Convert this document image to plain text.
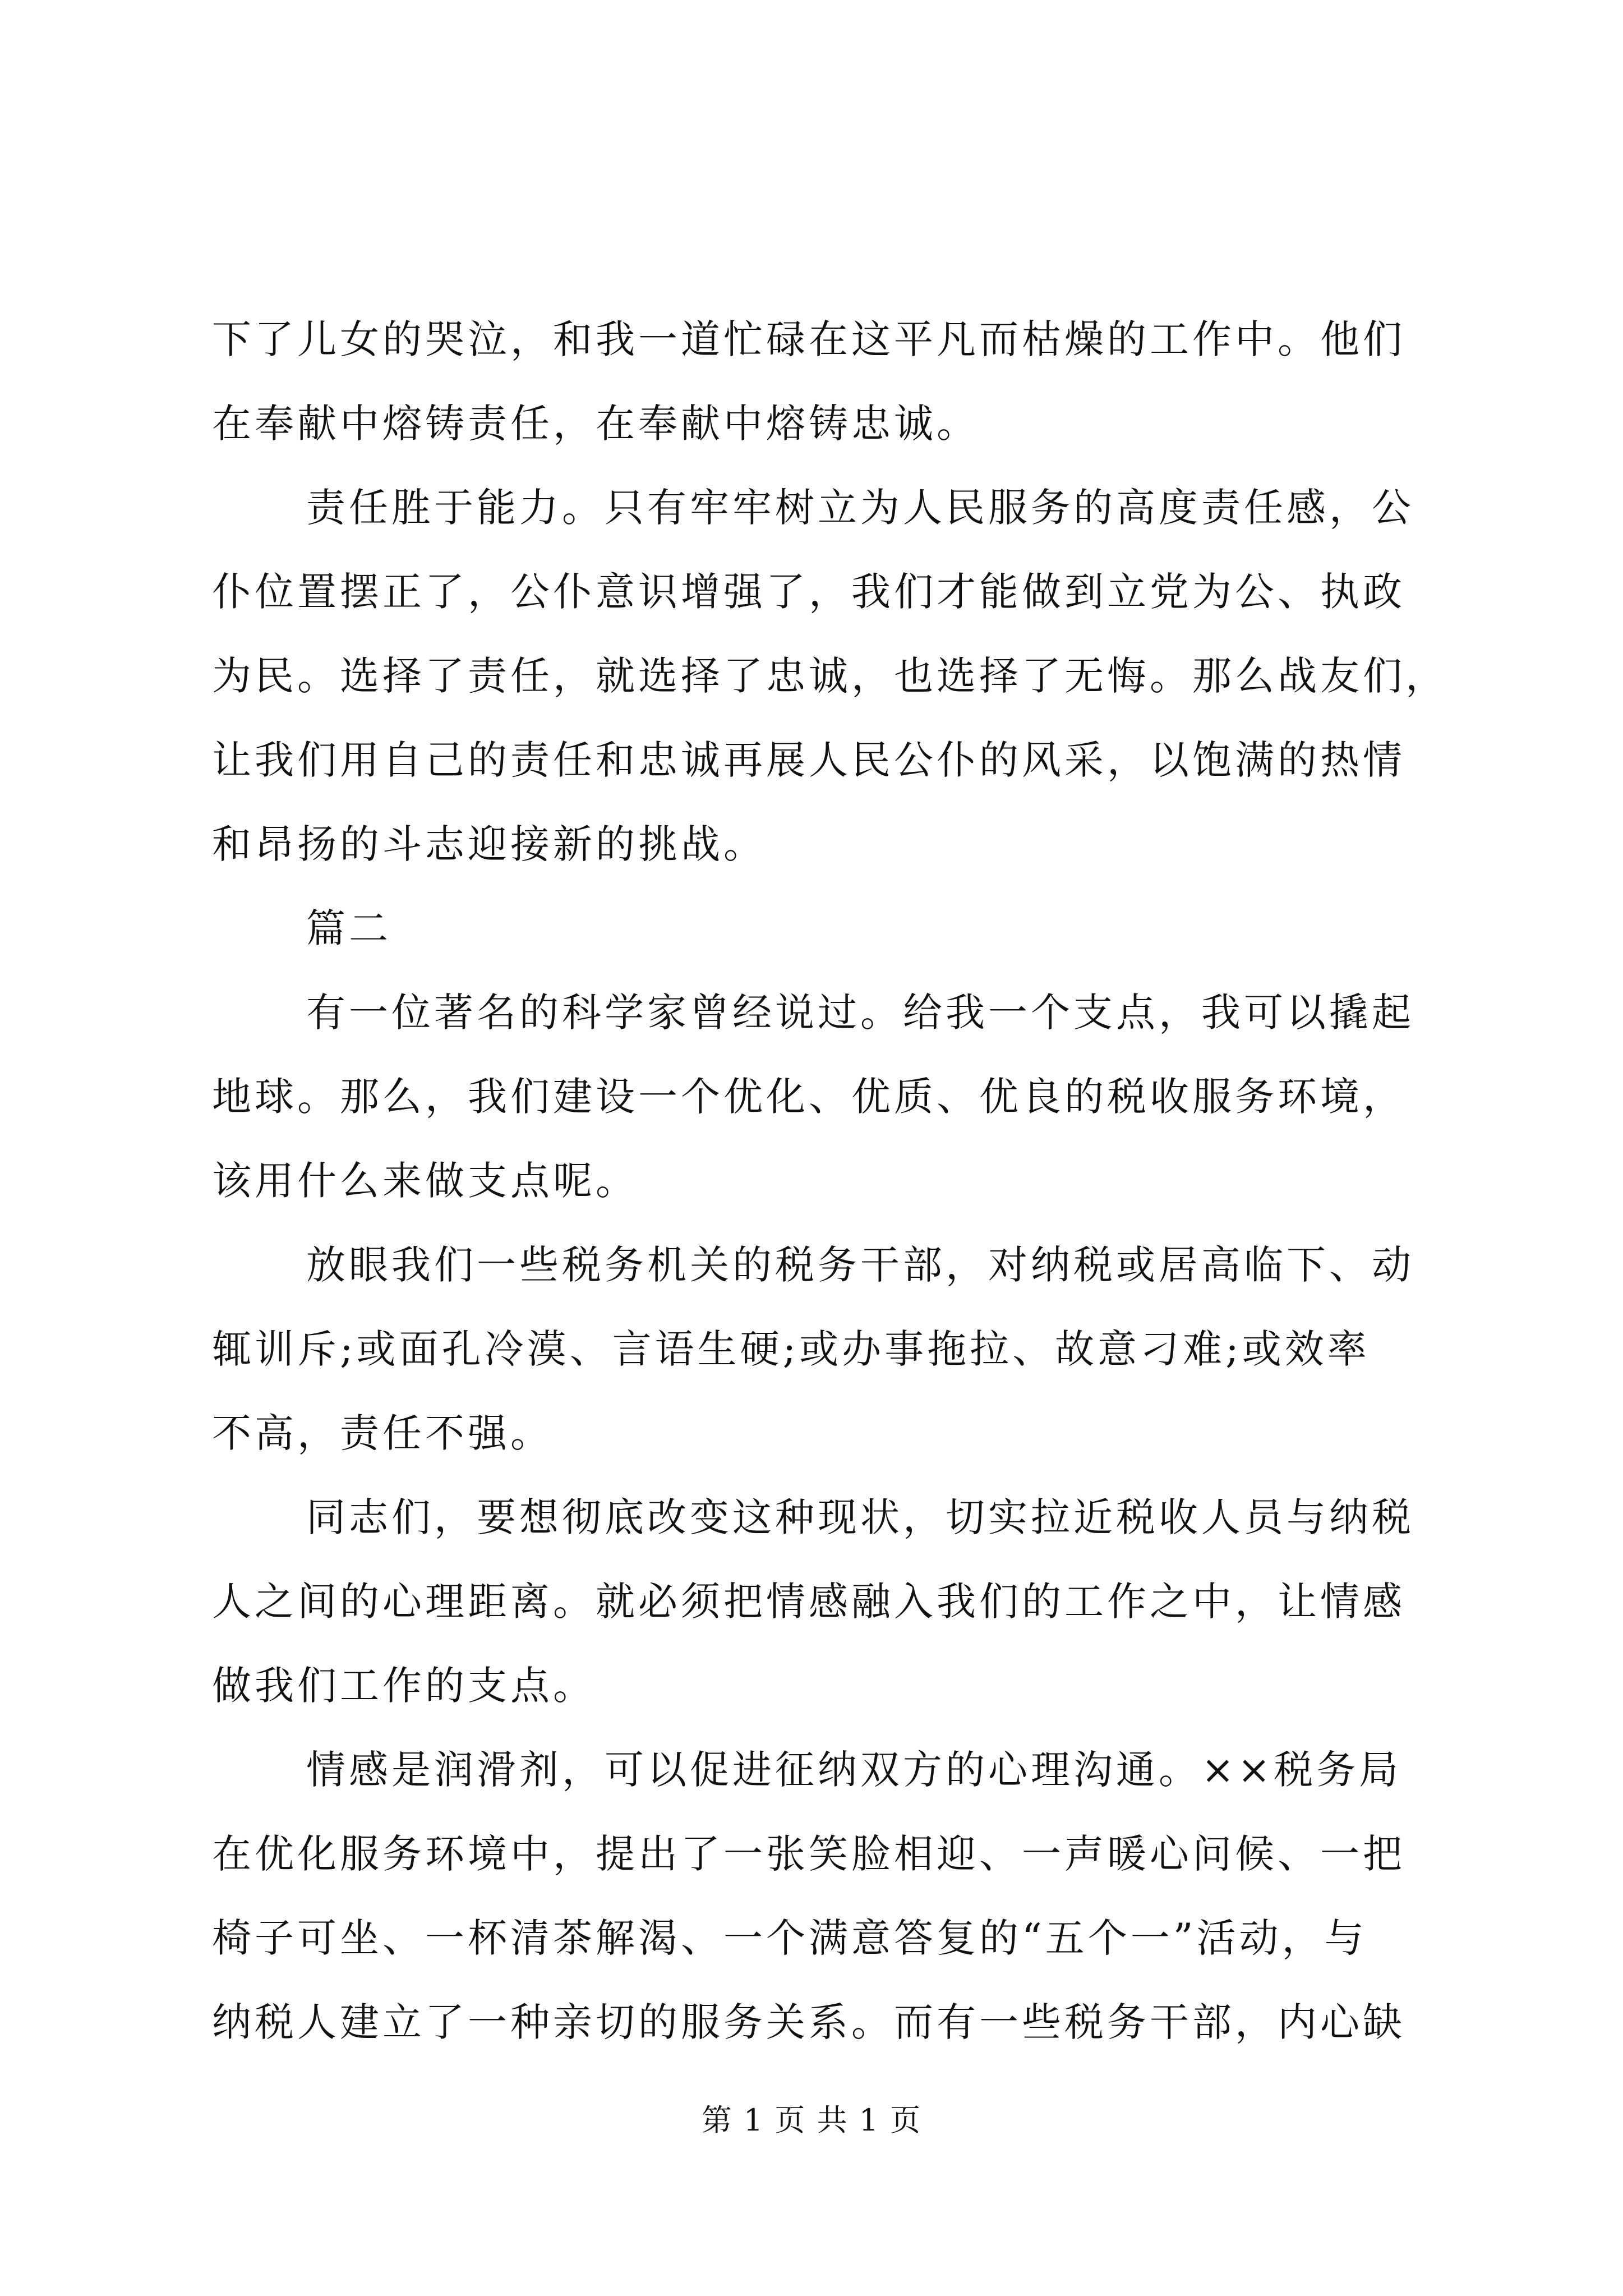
下了儿女的哭泣，和我一道忙碌在这平凡而枯燥的工作中。他们
在奉献中熔铸责任，在奉献中熔铸忠诚。
责任胜于能力。只有牢牢树立为人民服务的高度责任感，公
仆位置摆正了，公仆意识增强了，我们才能做到立党为公、执政
为民。选择了责任，就选择了忠诚，也选择了无悔。那么战友们，
让我们用自己的责任和忠诚再展人民公仆的风采，以饱满的热情
和昂扬的斗志迎接新的挑战。
篇二
有一位著名的科学家曾经说过。给我一个支点，我可以撬起
地球。那么，我们建设一个优化、优质、优良的税收服务环境，
该用什么来做支点呢。
放眼我们一些税务机关的税务干部，对纳税或居高临下、动
辄训斥;或面孔冷漠、言语生硬;或办事拖拉、故意刁难;或效率
不高，责任不强。
同志们，要想彻底改变这种现状，切实拉近税收人员与纳税
人之间的心理距离。就必须把情感融入我们的工作之中，让情感
做我们工作的支点。
情感是润滑剂，可以促进征纳双方的心理沟通。××税务局
在优化服务环境中，提出了一张笑脸相迎、一声暖心问候、一把
椅子可坐、一杯清茶解渴、一个满意答复的“五个一”活动，与
纳税人建立了一种亲切的服务关系。而有一些税务干部，内心缺
第 1 页 共 1 页
